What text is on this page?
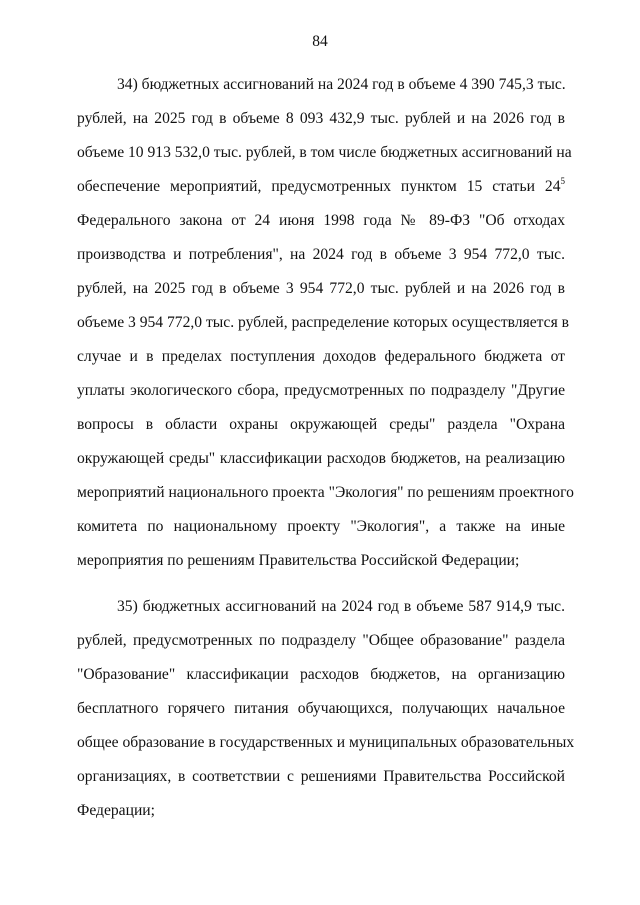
84
34) бюджетных ассигнований на 2024 год в объеме 4 390 745,3 тыс.
рублей, на 2025 год в объеме 8 093 432,9 тыс. рублей и на 2026 год в
объеме 10 913 532,0 тыс. рублей, в том числе бюджетных ассигнований на
обеспечение мероприятий, предусмотренных пунктом 15 статьи $24^5$
Федерального закона от 24 июня 1998 года № 89-ФЗ "Об отходах
производства и потребления", на 2024 год в объеме 3 954 772,0 тыс.
рублей, на 2025 год в объеме 3 954 772,0 тыс. рублей и на 2026 год в
объеме 3 954 772,0 тыс. рублей, распределение которых осуществляется в
случае и в пределах поступления доходов федерального бюджета от
уплаты экологического сбора, предусмотренных по подразделу "Другие
вопросы в области охраны окружающей среды" раздела "Охрана
окружающей среды" классификации расходов бюджетов, на реализацию
мероприятий национального проекта "Экология" по решениям проектного
комитета по национальному проекту "Экология", а также на иные
мероприятия по решениям Правительства Российской Федерации;
35) бюджетных ассигнований на 2024 год в объеме 587 914,9 тыс.
рублей, предусмотренных по подразделу "Общее образование" раздела
"Образование" классификации расходов бюджетов, на организацию
бесплатного горячего питания обучающихся, получающих начальное
общее образование в государственных и муниципальных образовательных
организациях, в соответствии с решениями Правительства Российской
Федерации;
